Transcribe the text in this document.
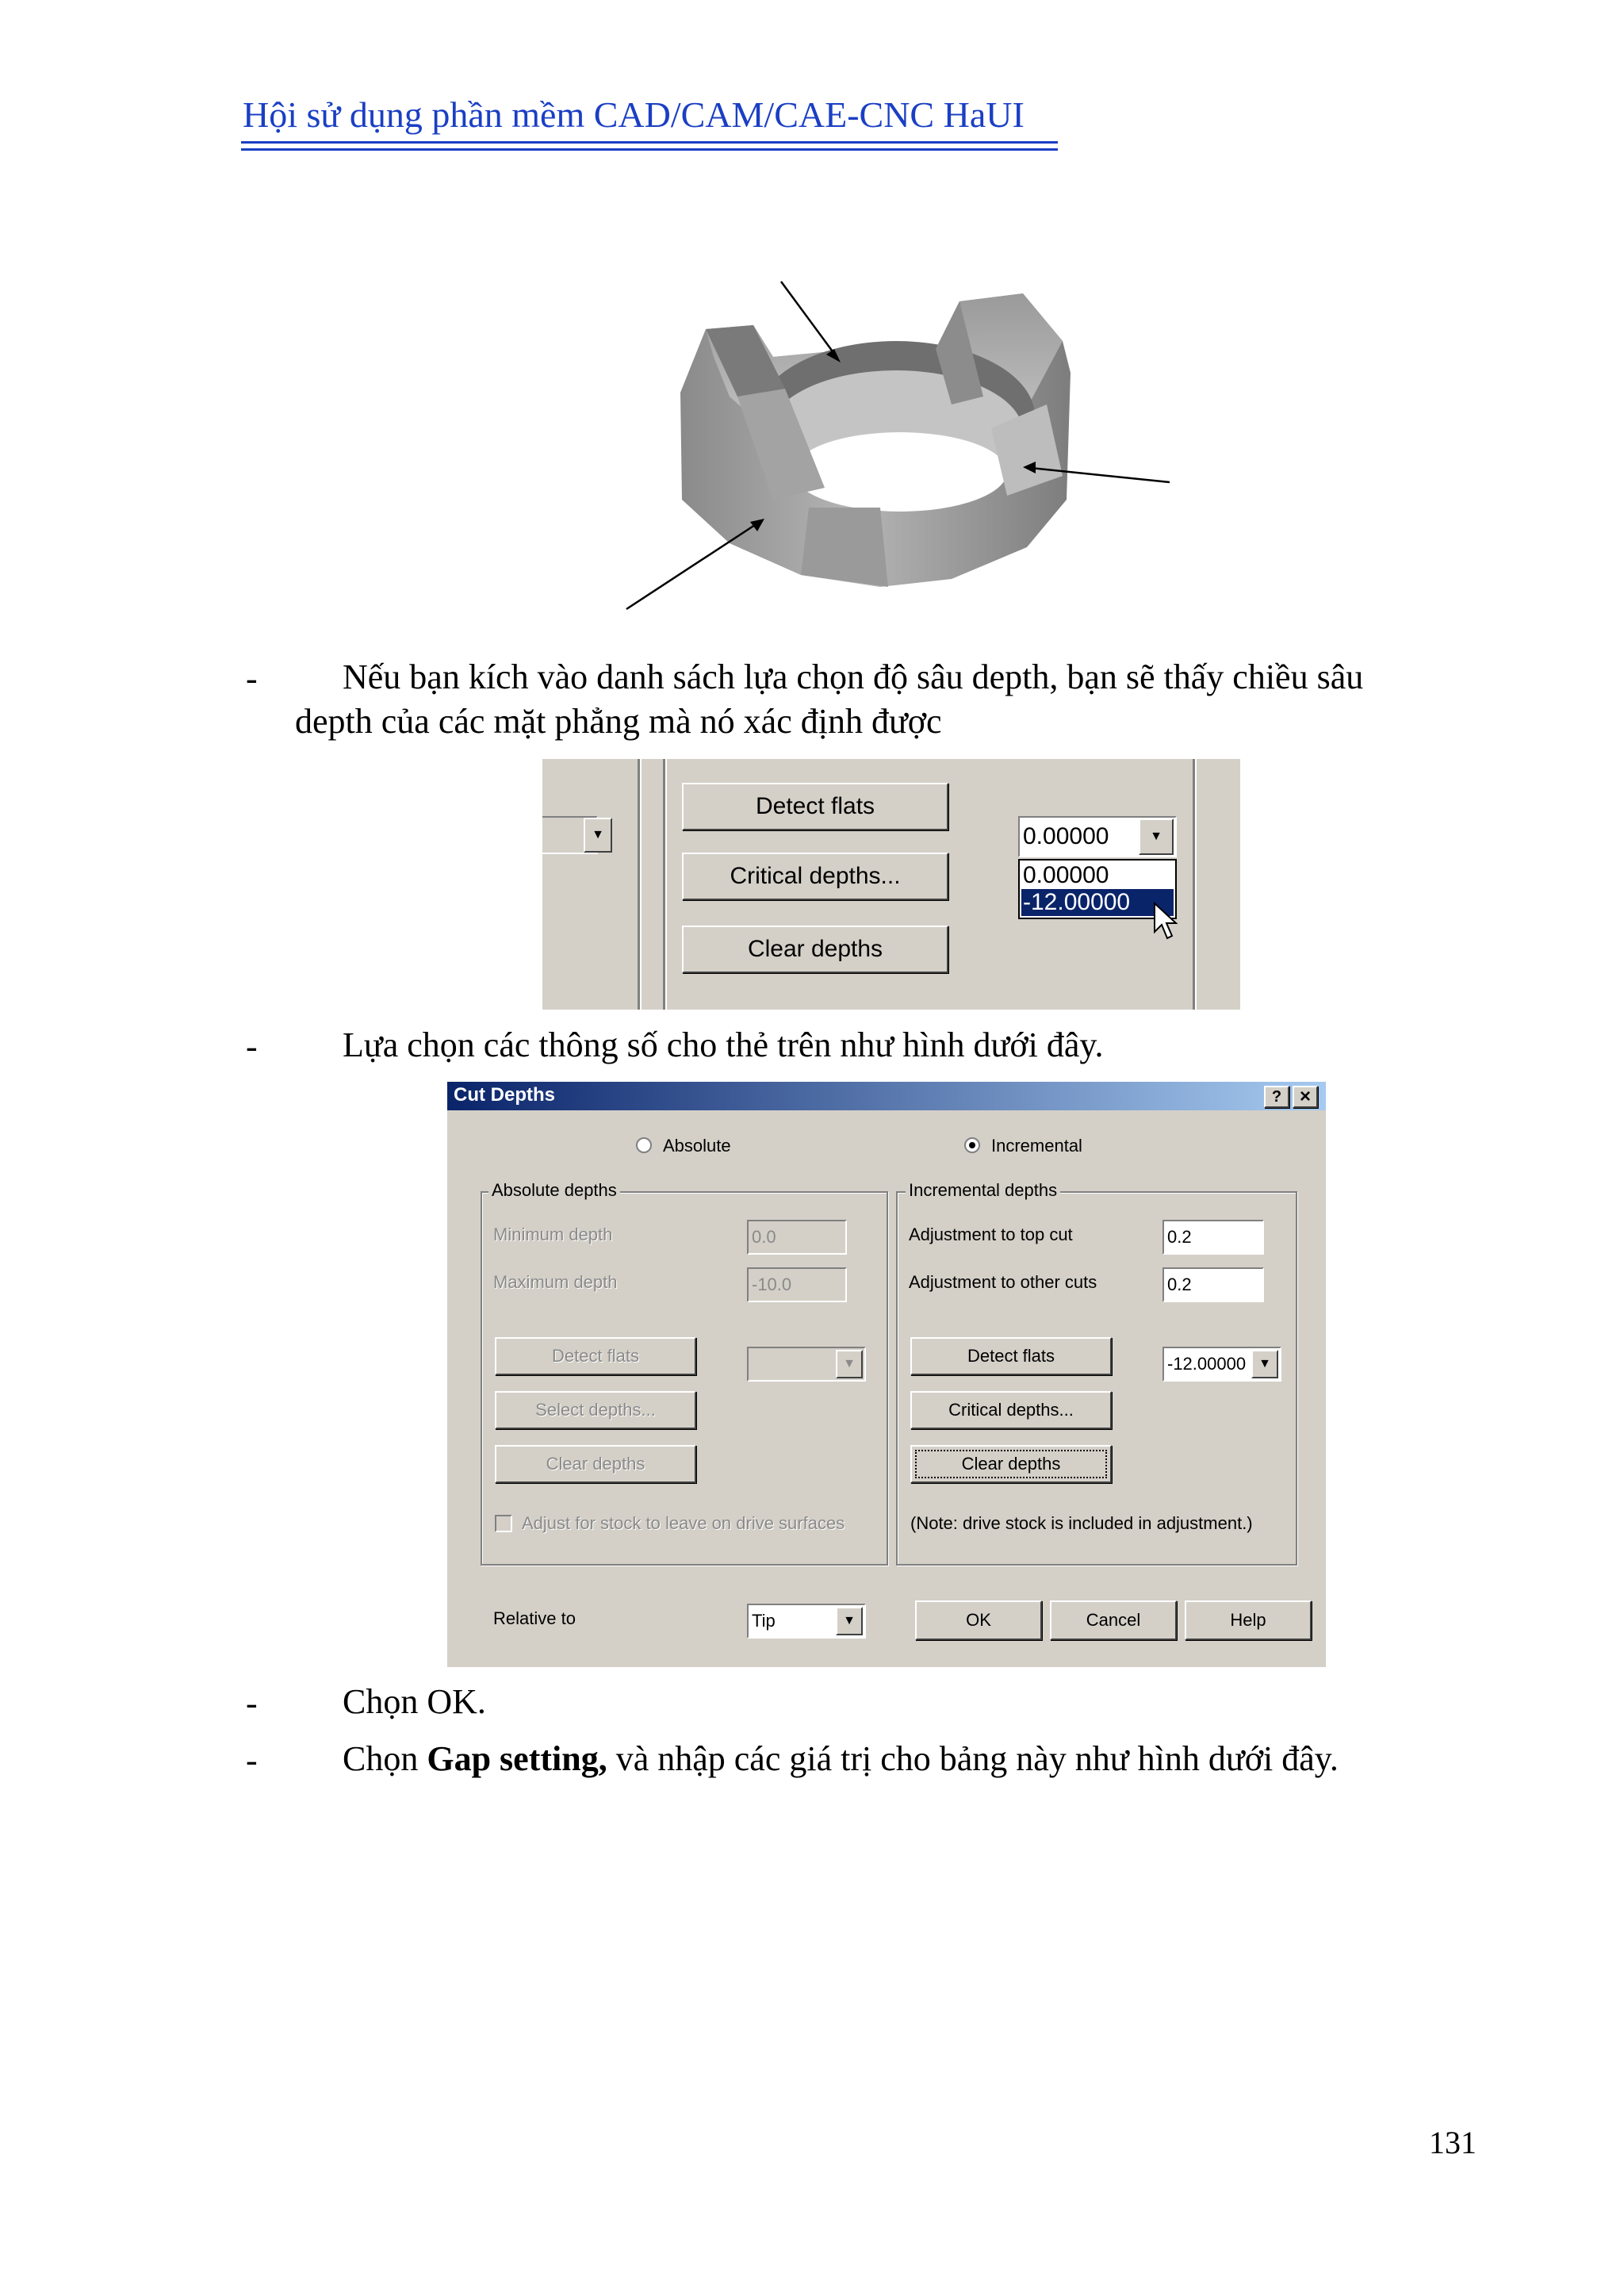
Hội sử dụng phần mềm CAD/CAM/CAE-CNC HaUI
- Nếu bạn kích vào danh sách lựa chọn độ sâu depth, bạn sẽ thấy chiều sâu
depth của các mặt phẳng mà nó xác định được
▼
Detect flats
Critical depths...
Clear depths
0.00000	▼
0.00000
-12.00000
- Lựa chọn các thông số cho thẻ trên như hình dưới đây.
Cut Depths	? ×
Absolute	Incremental
Absolute depths
Minimum depth	0.0
Maximum depth	-10.0
Detect flats	▼
Select depths...
Clear depths
Adjust for stock to leave on drive surfaces
Incremental depths
Adjustment to top cut	0.2
Adjustment to other cuts	0.2
Detect flats	-12.00000 ▼
Critical depths...
Clear depths
(Note: drive stock is included in adjustment.)
Relative to	Tip	▼	OK	Cancel	Help
- Chọn OK.
- Chọn Gap setting, và nhập các giá trị cho bảng này như hình dưới đây.
131
